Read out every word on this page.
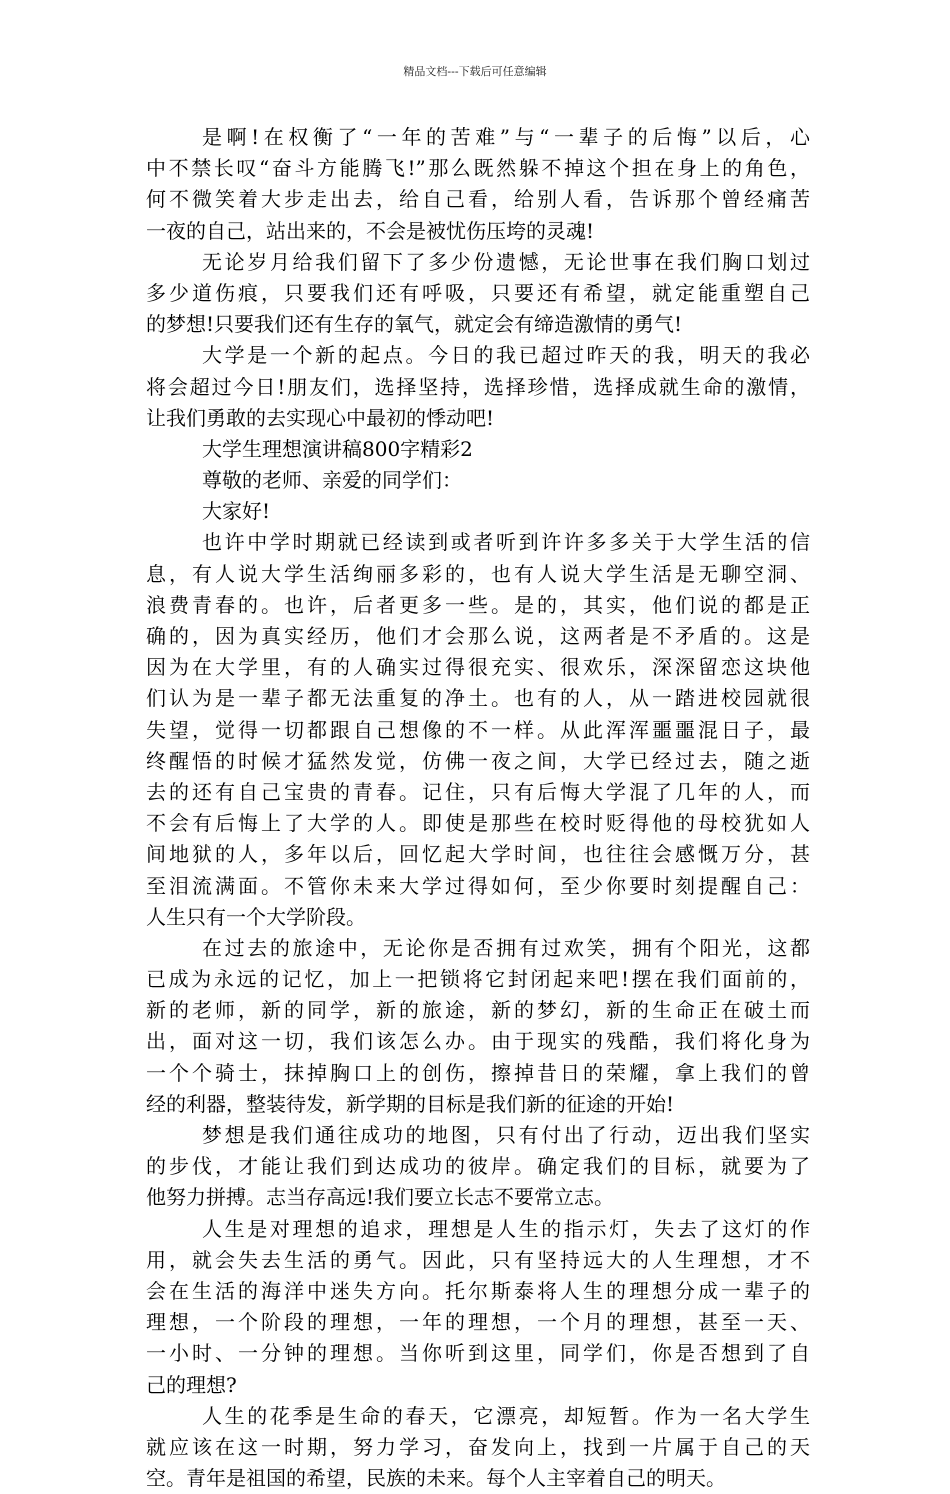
精品文档---下载后可任意编辑
是啊!在权衡了“一年的苦难”与“一辈子的后悔”以后，心
中不禁长叹“奋斗方能腾飞!”那么既然躲不掉这个担在身上的角色，
何不微笑着大步走出去，给自己看，给别人看，告诉那个曾经痛苦
一夜的自己，站出来的，不会是被忧伤压垮的灵魂!
无论岁月给我们留下了多少份遗憾，无论世事在我们胸口划过
多少道伤痕，只要我们还有呼吸，只要还有希望，就定能重塑自己
的梦想!只要我们还有生存的氧气，就定会有缔造激情的勇气!
大学是一个新的起点。今日的我已超过昨天的我，明天的我必
将会超过今日!朋友们，选择坚持，选择珍惜，选择成就生命的激情，
让我们勇敢的去实现心中最初的悸动吧!
大学生理想演讲稿800字精彩2
尊敬的老师、亲爱的同学们：
大家好!
也许中学时期就已经读到或者听到许许多多关于大学生活的信
息，有人说大学生活绚丽多彩的，也有人说大学生活是无聊空洞、
浪费青春的。也许，后者更多一些。是的，其实，他们说的都是正
确的，因为真实经历，他们才会那么说，这两者是不矛盾的。这是
因为在大学里，有的人确实过得很充实、很欢乐，深深留恋这块他
们认为是一辈子都无法重复的净土。也有的人，从一踏进校园就很
失望，觉得一切都跟自己想像的不一样。从此浑浑噩噩混日子，最
终醒悟的时候才猛然发觉，仿佛一夜之间，大学已经过去，随之逝
去的还有自己宝贵的青春。记住，只有后悔大学混了几年的人，而
不会有后悔上了大学的人。即使是那些在校时贬得他的母校犹如人
间地狱的人，多年以后，回忆起大学时间，也往往会感慨万分，甚
至泪流满面。不管你未来大学过得如何，至少你要时刻提醒自己：
人生只有一个大学阶段。
在过去的旅途中，无论你是否拥有过欢笑，拥有个阳光，这都
已成为永远的记忆，加上一把锁将它封闭起来吧!摆在我们面前的，
新的老师，新的同学，新的旅途，新的梦幻，新的生命正在破土而
出，面对这一切，我们该怎么办。由于现实的残酷，我们将化身为
一个个骑士，抹掉胸口上的创伤，擦掉昔日的荣耀，拿上我们的曾
经的利器，整装待发，新学期的目标是我们新的征途的开始!
梦想是我们通往成功的地图，只有付出了行动，迈出我们坚实
的步伐，才能让我们到达成功的彼岸。确定我们的目标，就要为了
他努力拼搏。志当存高远!我们要立长志不要常立志。
人生是对理想的追求，理想是人生的指示灯，失去了这灯的作
用，就会失去生活的勇气。因此，只有坚持远大的人生理想，才不
会在生活的海洋中迷失方向。托尔斯泰将人生的理想分成一辈子的
理想，一个阶段的理想，一年的理想，一个月的理想，甚至一天、
一小时、一分钟的理想。当你听到这里，同学们，你是否想到了自
己的理想?
人生的花季是生命的春天，它漂亮，却短暂。作为一名大学生
就应该在这一时期，努力学习，奋发向上，找到一片属于自己的天
空。青年是祖国的希望，民族的未来。每个人主宰着自己的明天。
